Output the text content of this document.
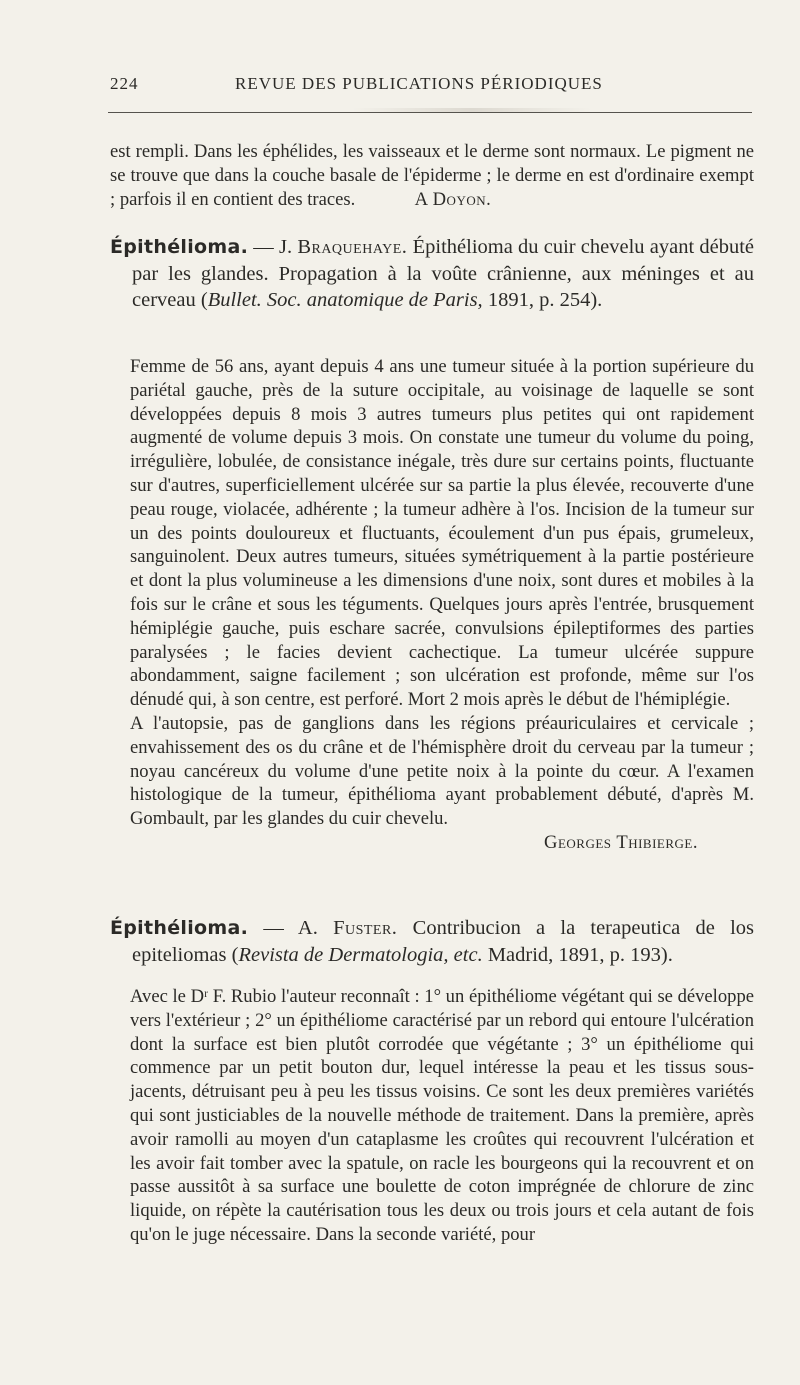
224	REVUE DES PUBLICATIONS PÉRIODIQUES

est rempli. Dans les éphélides, les vaisseaux et le derme sont normaux. Le pigment ne se trouve que dans la couche basale de l'épiderme ; le derme en est d'ordinaire exempt ; parfois il en contient des traces.	A Doyon.

Épithélioma. — J. Braquehaye. Épithélioma du cuir chevelu ayant débuté par les glandes. Propagation à la voûte crânienne, aux méninges et au cerveau (Bullet. Soc. anatomique de Paris, 1891, p. 254).

Femme de 56 ans, ayant depuis 4 ans une tumeur située à la portion supérieure du pariétal gauche, près de la suture occipitale, au voisinage de laquelle se sont développées depuis 8 mois 3 autres tumeurs plus petites qui ont rapidement augmenté de volume depuis 3 mois. On constate une tumeur du volume du poing, irrégulière, lobulée, de consistance inégale, très dure sur certains points, fluctuante sur d'autres, superficiellement ulcérée sur sa partie la plus élevée, recouverte d'une peau rouge, violacée, adhérente ; la tumeur adhère à l'os. Incision de la tumeur sur un des points douloureux et fluctuants, écoulement d'un pus épais, grumeleux, sanguinolent. Deux autres tumeurs, situées symétriquement à la partie postérieure et dont la plus volumineuse a les dimensions d'une noix, sont dures et mobiles à la fois sur le crâne et sous les téguments. Quelques jours après l'entrée, brusquement hémiplégie gauche, puis eschare sacrée, convulsions épileptiformes des parties paralysées ; le facies devient cachectique. La tumeur ulcérée suppure abondamment, saigne facilement ; son ulcération est profonde, même sur l'os dénudé qui, à son centre, est perforé. Mort 2 mois après le début de l'hémiplégie.

A l'autopsie, pas de ganglions dans les régions préauriculaires et cervicale ; envahissement des os du crâne et de l'hémisphère droit du cerveau par la tumeur ; noyau cancéreux du volume d'une petite noix à la pointe du cœur. A l'examen histologique de la tumeur, épithélioma ayant probablement débuté, d'après M. Gombault, par les glandes du cuir chevelu.

Georges Thibierge.

Épithélioma. — A. Fuster. Contribucion a la terapeutica de los epiteliomas (Revista de Dermatologia, etc. Madrid, 1891, p. 193).

Avec le Dʳ F. Rubio l'auteur reconnaît : 1° un épithéliome végétant qui se développe vers l'extérieur ; 2° un épithéliome caractérisé par un rebord qui entoure l'ulcération dont la surface est bien plutôt corrodée que végétante ; 3° un épithéliome qui commence par un petit bouton dur, lequel intéresse la peau et les tissus sous-jacents, détruisant peu à peu les tissus voisins. Ce sont les deux premières variétés qui sont justiciables de la nouvelle méthode de traitement. Dans la première, après avoir ramolli au moyen d'un cataplasme les croûtes qui recouvrent l'ulcération et les avoir fait tomber avec la spatule, on racle les bourgeons qui la recouvrent et on passe aussitôt à sa surface une boulette de coton imprégnée de chlorure de zinc liquide, on répète la cautérisation tous les deux ou trois jours et cela autant de fois qu'on le juge nécessaire. Dans la seconde variété, pour
